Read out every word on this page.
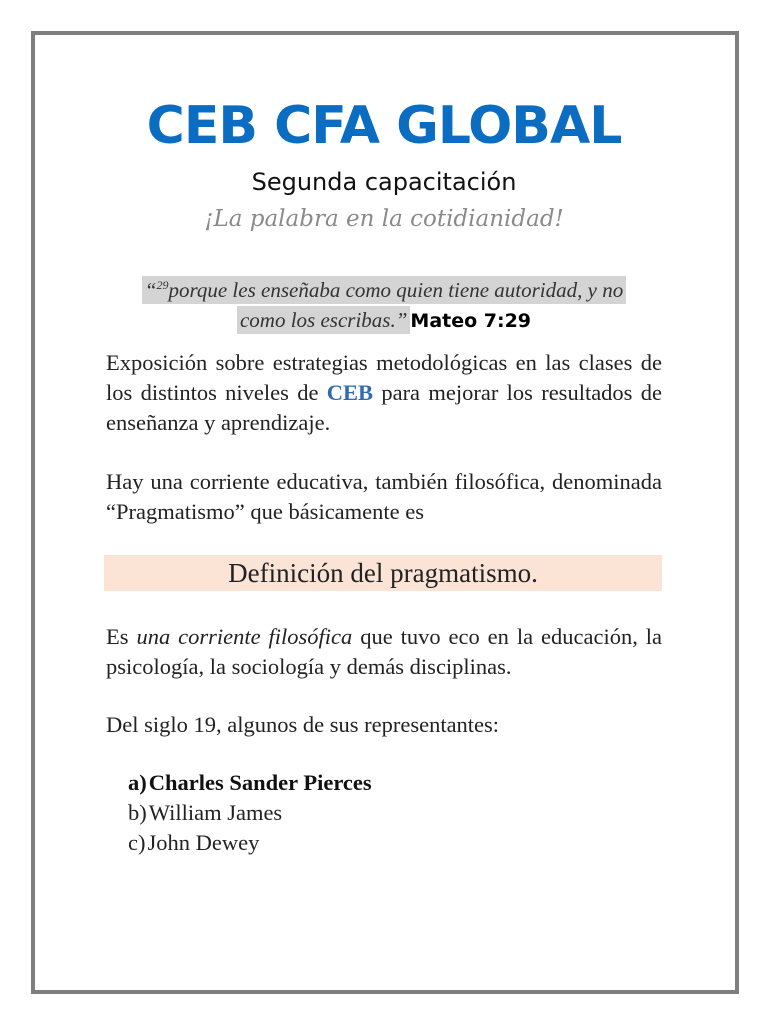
CEB CFA GLOBAL
Segunda capacitación
¡La palabra en la cotidianidad!
“$^{29}$porque les enseñaba como quien tiene autoridad, y no
como los escribas.” Mateo 7:29
Exposición sobre estrategias metodológicas en las clases de los distintos niveles de CEB para mejorar los resultados de enseñanza y aprendizaje.
Hay una corriente educativa, también filosófica, denominada “Pragmatismo” que básicamente es
Definición del pragmatismo.
Es una corriente filosófica que tuvo eco en la educación, la psicología, la sociología y demás disciplinas.
Del siglo 19, algunos de sus representantes:
a)Charles Sander Pierces
b)William James
c)John Dewey
